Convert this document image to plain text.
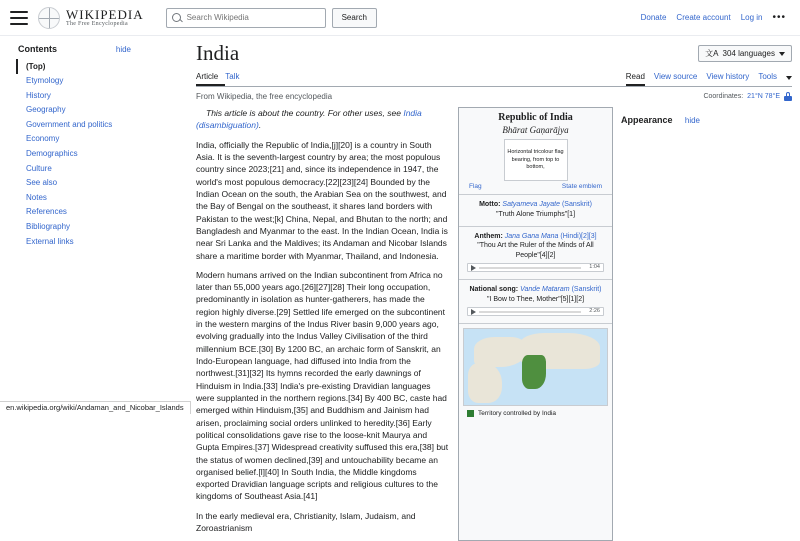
WIKIPEDIA
The Free Encyclopedia
Search Wikipedia
Search	Donate Create account Log in •••
Contents	hide
(Top)
Etymology
History
Geography
Government and politics
Economy
Demographics
Culture
See also
Notes
References
Bibliography
External links
India	文A 304 languages
Article Talk	Read View source View history Tools
From Wikipedia, the free encyclopedia	Coordinates: 21°N 78°E

This article is about the country. For other uses, see India (disambiguation).

India, officially the Republic of India,[j][20] is a country in South Asia. It is the seventh-largest country by area; the most populous country since 2023;[21] and, since its independence in 1947, the world's most populous democracy.[22][23][24] Bounded by the Indian Ocean on the south, the Arabian Sea on the southwest, and the Bay of Bengal on the southeast, it shares land borders with Pakistan to the west;[k] China, Nepal, and Bhutan to the north; and Bangladesh and Myanmar to the east. In the Indian Ocean, India is near Sri Lanka and the Maldives; its Andaman and Nicobar Islands share a maritime border with Myanmar, Thailand, and Indonesia.

Modern humans arrived on the Indian subcontinent from Africa no later than 55,000 years ago.[26][27][28] Their long occupation, predominantly in isolation as hunter-gatherers, has made the region highly diverse.[29] Settled life emerged on the subcontinent in the western margins of the Indus River basin 9,000 years ago, evolving gradually into the Indus Valley Civilisation of the third millennium BCE.[30] By 1200 BC, an archaic form of Sanskrit, an Indo-European language, had diffused into India from the northwest.[31][32] Its hymns recorded the early dawnings of Hinduism in India.[33] India's pre-existing Dravidian languages were supplanted in the northern regions.[34] By 400 BC, caste had emerged within Hinduism,[35] and Buddhism and Jainism had arisen, proclaiming social orders unlinked to heredity.[36] Early political consolidations gave rise to the loose-knit Maurya and Gupta Empires.[37] Widespread creativity suffused this era,[38] but the status of women declined,[39] and untouchability became an organised belief.[l][40] In South India, the Middle kingdoms exported Dravidian language scripts and religious cultures to the kingdoms of Southeast Asia.[41]

In the early medieval era, Christianity, Islam, Judaism, and Zoroastrianism

Republic of India
Bhārat Gaṇarājya
Horizontal tricolour flag bearing, from top to bottom,
Flag	State emblem
Motto: Satyameva Jayate (Sanskrit)
"Truth Alone Triumphs"[1]
Anthem: Jana Gana Mana (Hindi)[2][3]
"Thou Art the Ruler of the Minds of All People"[4][2]
1:04
National song: Vande Mataram (Sanskrit)
"I Bow to Thee, Mother"[5][1][2]
2:26
Territory controlled by India
Appearance hide
en.wikipedia.org/wiki/Andaman_and_Nicobar_Islands
